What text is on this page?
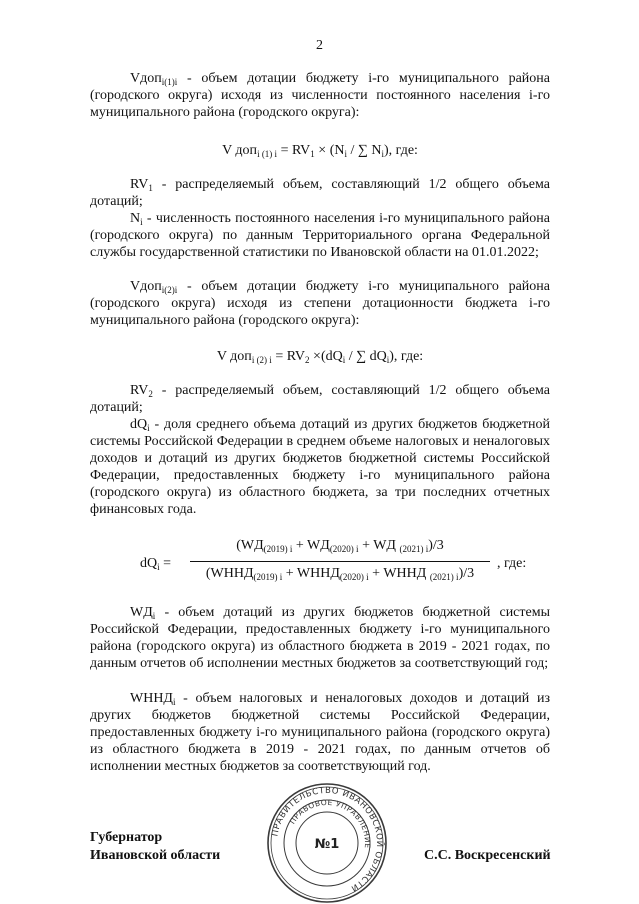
2

Vдоп$_{i(1)i}$ - объем дотации бюджету i-го муниципального района (городского округа) исходя из численности постоянного населения i-го муниципального района (городского округа):

V $доп_{i (1) i} = RV_1 \times (N_i$ / ∑ $N_i$), где:

$RV_1$ - распределяемый объем, составляющий 1/2 общего объема дотаций;

$N_i$ - численность постоянного населения i-го муниципального района (городского округа) по данным Территориального органа Федеральной службы государственной статистики по Ивановской области на 01.01.2022;

Vдоп$_{i(2)i}$ - объем дотации бюджету i-го муниципального района (городского округа) исходя из степени дотационности бюджета i-го муниципального района (городского округа):

V $доп_{i (2) i} = RV_2 \times(dQ_i$ / ∑ $dQ_i$), где:

$RV_2$ - распределяемый объем, составляющий 1/2 общего объема дотаций;

$dQ_i$ - доля среднего объема дотаций из других бюджетов бюджетной системы Российской Федерации в среднем объеме налоговых и неналоговых доходов и дотаций из других бюджетов бюджетной системы Российской Федерации, предоставленных бюджету i-го муниципального района (городского округа) из областного бюджета, за три последних отчетных финансовых года.

$dQ_i$ =
($WД_{(2019) i} + WД_{(2020) i}$ + WД $_{(2021) i}$)/3
($WННД_{(2019) i}$ + $WННД_{(2020) i}$ + WННД $_{(2021) i}$)/3
, где:

$WД_i$ - объем дотаций из других бюджетов бюджетной системы Российской Федерации, предоставленных бюджету i-го муниципального района (городского округа) из областного бюджета в 2019 - 2021 годах, по данным отчетов об исполнении местных бюджетов за соответствующий год;

$WННД_i$ - объем налоговых и неналоговых доходов и дотаций из других бюджетов бюджетной системы Российской Федерации, предоставленных бюджету i-го муниципального района (городского округа) из областного бюджета в 2019 - 2021 годах, по данным отчетов об исполнении местных бюджетов за соответствующий год.

Губернатор
Ивановской области	С.С. Воскресенский
ПРАВИТЕЛЬСТВО ИВАНОВСКОЙ ОБЛАСТИ
ПРАВОВОЕ УПРАВЛЕНИЕ
№1
